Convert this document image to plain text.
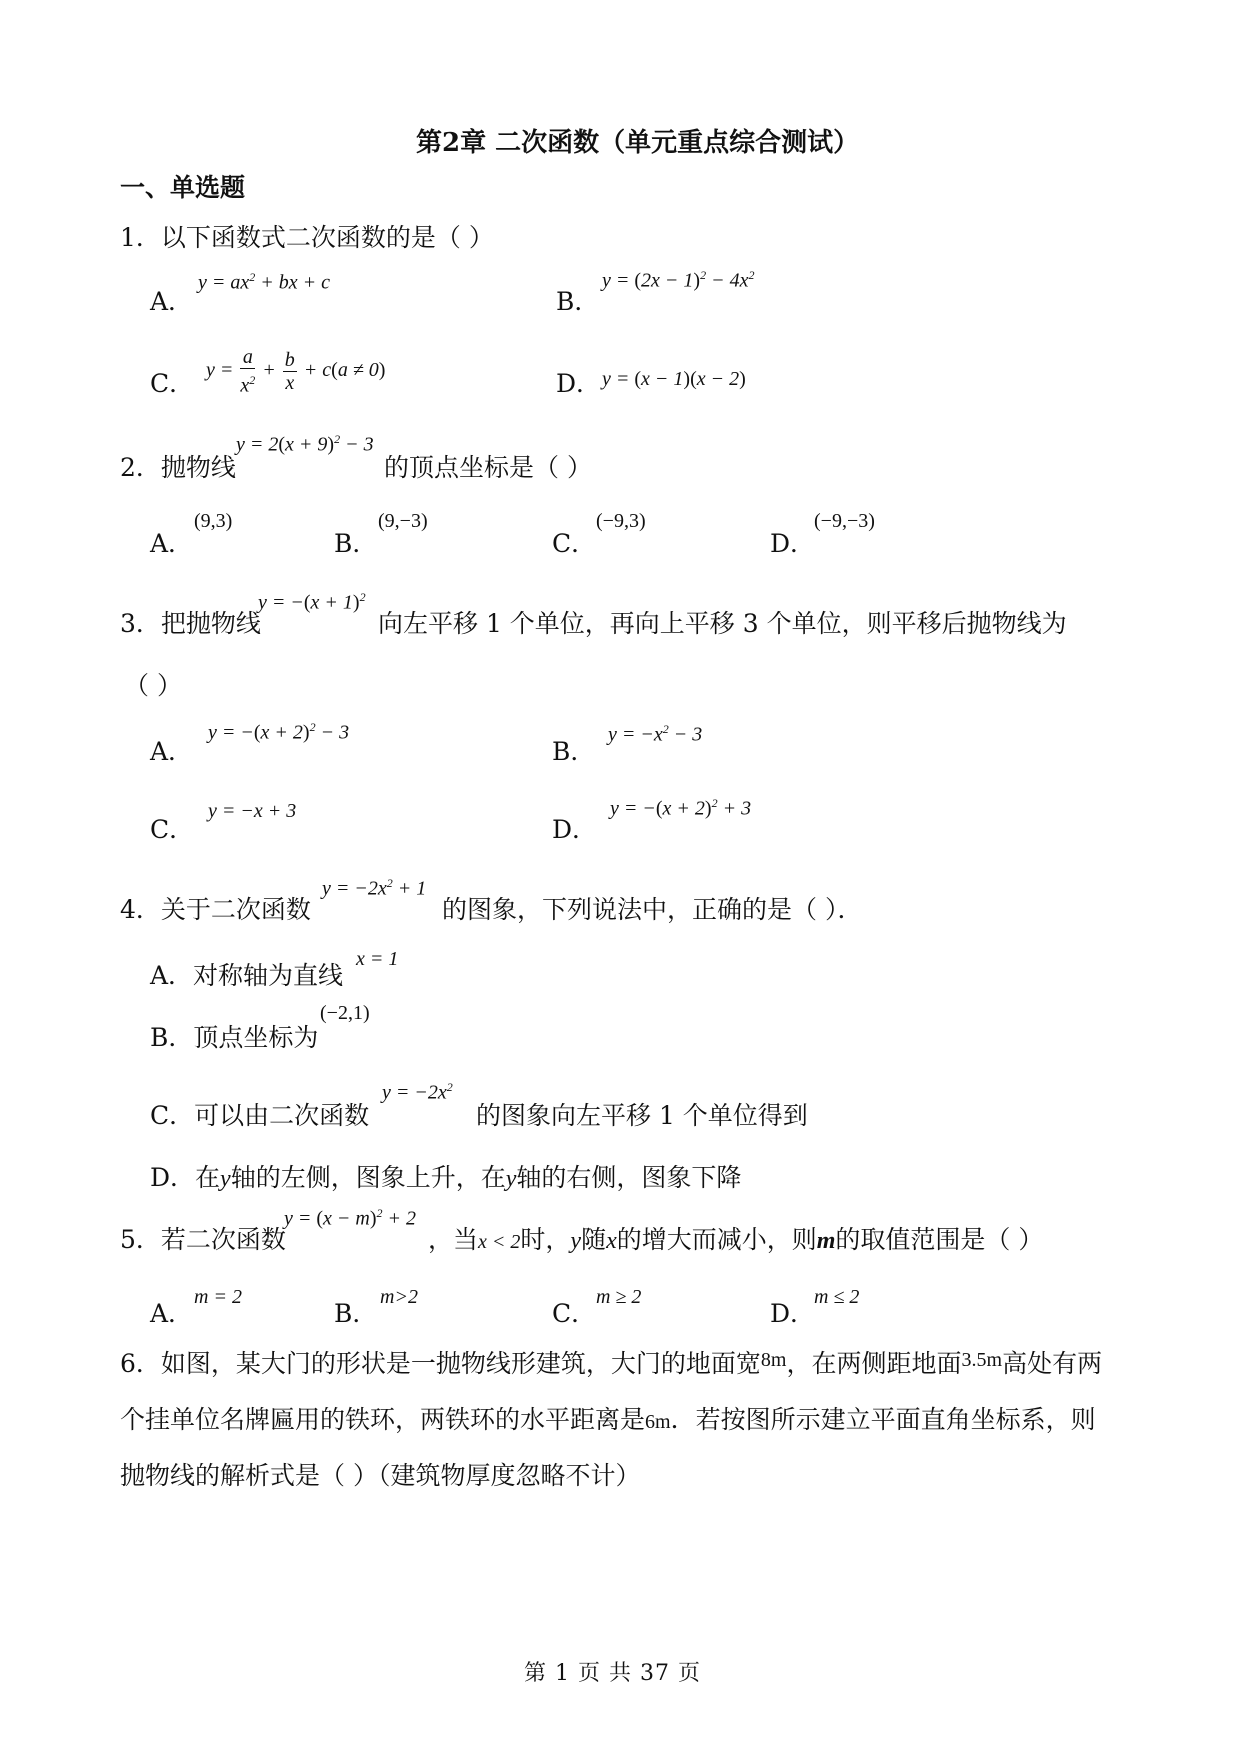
第2章 二次函数（单元重点综合测试）
一、单选题
1．以下函数式二次函数的是（ ）
A．
$y = ax^2$ + bx + c
B．
$y = (2x - 1)^2 - 4x^2$
C． $y = \frac{a}{x^2} + \frac{b}{x} + c(a \ne 0)$	D． y = (x − 1)(x − 2)
2．抛物线
$y = 2(x + 9)^2 - 3$
的顶点坐标是（ ）
A．
(9,3)
B．
(9,−3)
C．
(−9,3)
D．
(−9,−3)
3．把抛物线
$y = -(x + 1)^2$
向左平移 1 个单位，再向上平移 3 个单位，则平移后抛物线为
（ ）
A．
$y = -(x + 2)^2 - 3$
B．
$y = -x^2 - 3$
C．
y = −x + 3
D．
$y = -(x + 2)^2 + 3$
4．关于二次函数
$y = -2x^2 + 1$
的图象，下列说法中，正确的是（ ）．
A．对称轴为直线
x = 1
B．顶点坐标为
(−2,1)
C．可以由二次函数
$y = -2x^2$
的图象向左平移 1 个单位得到
D．在y轴的左侧，图象上升，在y轴的右侧，图象下降
5．若二次函数
$y = (x - m)^2 + 2$
，当x < 2时，y随x的增大而减小，则m的取值范围是（ ）
A．
m = 2
B．
m>2
C．
m ≥ 2
D．
m ≤ 2
6．如图，某大门的形状是一抛物线形建筑，大门的地面宽$^{8m}$，在两侧距地面$^{3.5m}$高处有两
个挂单位名牌匾用的铁环，两铁环的水平距离是6m．若按图所示建立平面直角坐标系，则
抛物线的解析式是（ ）（建筑物厚度忽略不计）
第 1 页 共 37 页
